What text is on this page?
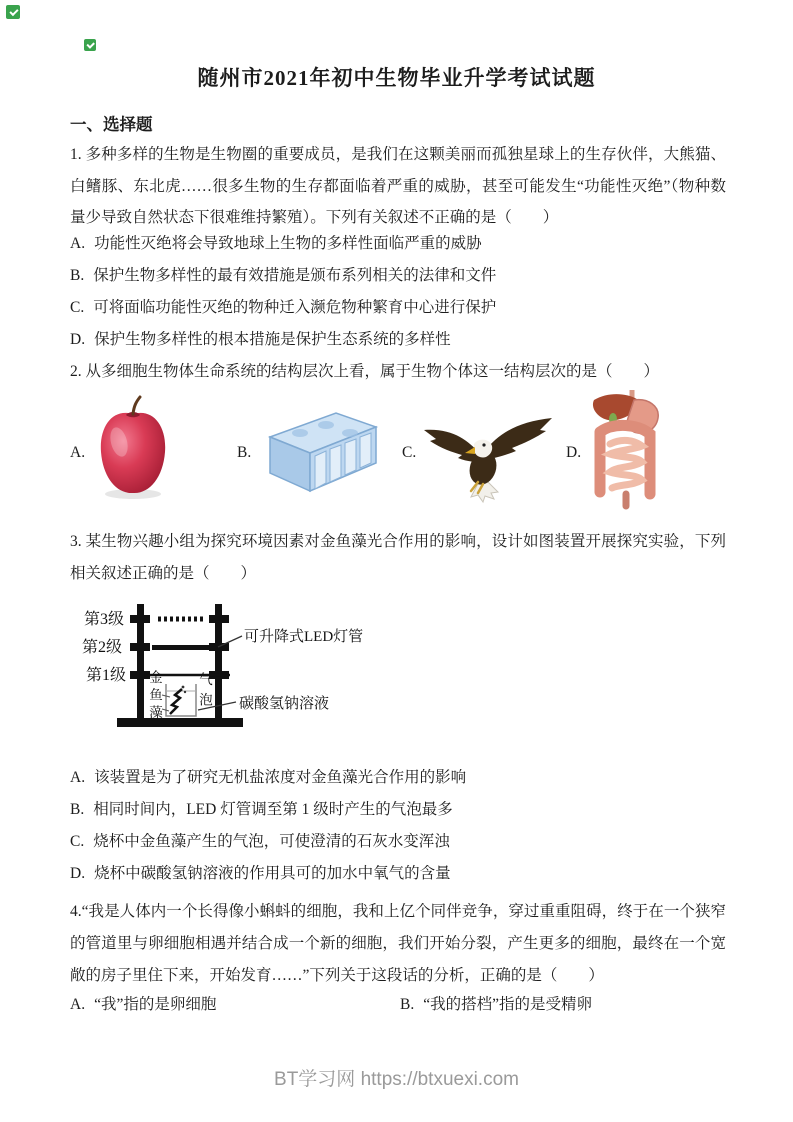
随州市2021年初中生物毕业升学考试试题
一、选择题

1. 多种多样的生物是生物圈的重要成员，是我们在这颗美丽而孤独星球上的生存伙伴，大熊猫、白鳍豚、东北虎……很多生物的生存都面临着严重的威胁，甚至可能发生“功能性灭绝”（物种数量少导致自然状态下很难维持繁殖）。下列有关叙述不正确的是（　　）

A. 功能性灭绝将会导致地球上生物的多样性面临严重的威胁
B. 保护生物多样性的最有效措施是颁布系列相关的法律和文件
C. 可将面临功能性灭绝的物种迁入濒危物种繁育中心进行保护
D. 保护生物多样性的根本措施是保护生态系统的多样性

2. 从多细胞生物体生命系统的结构层次上看，属于生物个体这一结构层次的是（　　）

A.	B.	C.	D.

3. 某生物兴趣小组为探究环境因素对金鱼藻光合作用的影响，设计如图装置开展探究实验，下列相关叙述正确的是（　　）

第3级
第2级
第1级
可升降式LED灯管
碳酸氢钠溶液
金鱼藻	气泡
A. 该装置是为了研究无机盐浓度对金鱼藻光合作用的影响
B. 相同时间内，LED 灯管调至第 1 级时产生的气泡最多
C. 烧杯中金鱼藻产生的气泡，可使澄清的石灰水变浑浊
D. 烧杯中碳酸氢钠溶液的作用具可的加水中氧气的含量

4.“我是人体内一个长得像小蝌蚪的细胞，我和上亿个同伴竞争，穿过重重阻碍，终于在一个狭窄的管道里与卵细胞相遇并结合成一个新的细胞，我们开始分裂，产生更多的细胞，最终在一个宽敞的房子里住下来，开始发育……”下列关于这段话的分析，正确的是（　　）

A. “我”指的是卵细胞	B. “我的搭档”指的是受精卵
BT学习网 https://btxuexi.com
